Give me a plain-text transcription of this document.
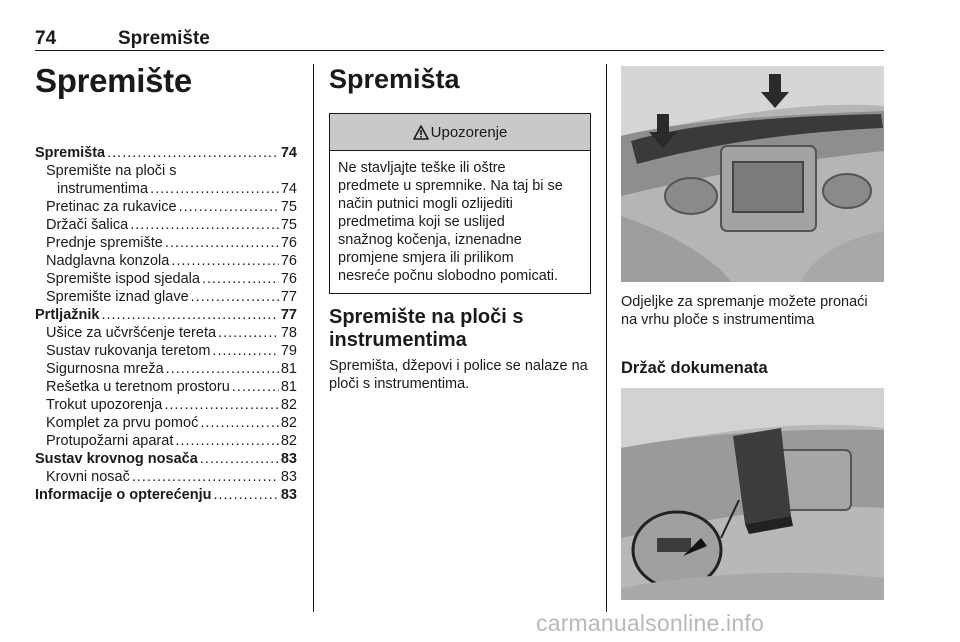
74	Spremište
Spremište
Spremišta .....	74
Spremište na ploči s
instrumentima .....	74
Pretinac za rukavice .....	75
Držači šalica .....	75
Prednje spremište .....	76
Nadglavna konzola .....	76
Spremište ispod sjedala .....	76
Spremište iznad glave .....	77
Prtljažnik .....	77
Ušice za učvršćenje tereta .....	78
Sustav rukovanja teretom .....	79
Sigurnosna mreža .....	81
Rešetka u teretnom prostoru .....	81
Trokut upozorenja .....	82
Komplet za prvu pomoć .....	82
Protupožarni aparat .....	82
Sustav krovnog nosača .....	83
Krovni nosač .....	83
Informacije o opterećenju .....	83
Spremišta
Upozorenje
Ne stavljajte teške ili oštre
predmete u spremnike. Na taj bi se
način putnici mogli ozlijediti
predmetima koji se uslijed
snažnog kočenja, iznenadne
promjene smjera ili prilikom
nesreće počnu slobodno pomicati.
Spremište na ploči s instrumentima
Spremišta, džepovi i police se nalaze na ploči s instrumentima.
Odjeljke za spremanje možete pronaći na vrhu ploče s instrumentima
Držač dokumenata
carmanualsonline.info
